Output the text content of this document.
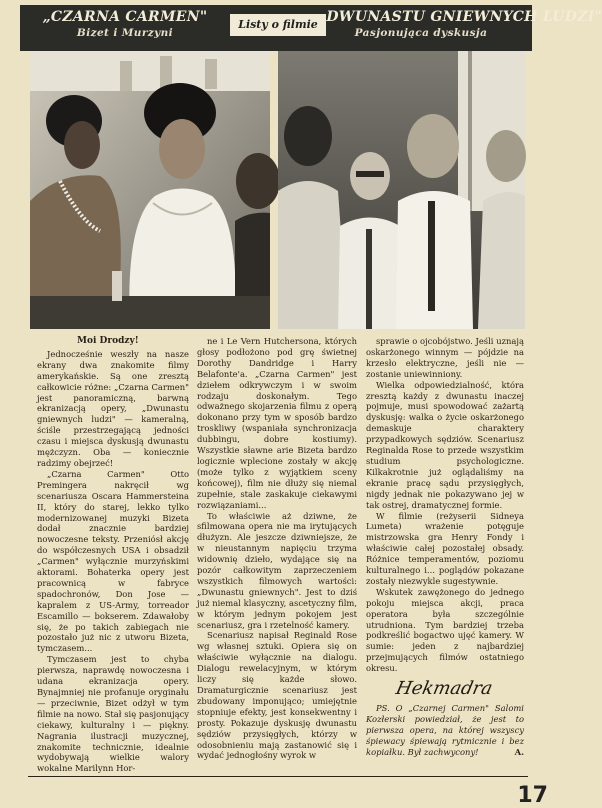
„CZARNA CARMEN"
Bizet i Murzyni
Listy o filmie „DWUNASTU GNIEWNYCH LUDZI"
Pasjonująca dyskusja

Moi Drodzy!

Jednocześnie weszły na nasze ekrany dwa znakomite filmy amerykańskie. Są one zresztą całkowicie różne: „Czarna Carmen" jest panoramiczną, barwną ekranizacją opery, „Dwunastu gniewnych ludzi" — kameralną, ściśle przestrzegającą jedności czasu i miejsca dyskusją dwunastu mężczyzn. Oba — koniecznie radzimy obejrzeć!

„Czarna Carmen" Otto Premingera nakręcił wg scenariusza Oscara Hammersteina II, który do starej, lekko tylko modernizowanej muzyki Bizeta dodał znacznie bardziej nowoczesne teksty. Przeniósł akcję do współczesnych USA i obsadził „Carmen" wyłącznie murzyńskimi aktorami. Bohaterka opery jest pracownicą w fabryce spadochronów, Don Jose — kapralem z US-Army, torreador Escamillo — bokserem. Zdawałoby się, że po takich zabiegach nie pozostało już nic z utworu Bizeta, tymczasem...

Tymczasem jest to chyba pierwsza, naprawdę nowoczesna i udana ekranizacja opery. Bynajmniej nie profanuje oryginału — przeciwnie, Bizet odżył w tym filmie na nowo. Stał się pasjonujący ciekawy, kulturalny i — piękny. Nagrania ilustracji muzycznej, znakomite technicznie, idealnie wydobywają wielkie walory wokalne Marilynn Hor-

ne i Le Vern Hutchersona, których głosy podłożono pod grę świetnej Dorothy Dandridge i Harry Belafonte'a. „Czarna Carmen" jest dziełem odkrywczym i w swoim rodzaju doskonałym. Tego odważnego skojarzenia filmu z operą dokonano przy tym w sposób bardzo troskliwy (wspaniała synchronizacja dubbingu, dobre kostiumy). Wszystkie sławne arie Bizeta bardzo logicznie wplecione zostały w akcję (może tylko z wyjątkiem sceny końcowej), film nie dłuży się niemal zupełnie, stale zaskakuje ciekawymi rozwiązaniami...

To właściwie aż dziwne, że sfilmowana opera nie ma irytujących dłużyzn. Ale jeszcze dziwniejsze, że w nieustannym napięciu trzyma widownię dzieło, wydające się na pozór całkowitym zaprzeczeniem wszystkich filmowych wartości: „Dwunastu gniewnych". Jest to dziś już niemal klasyczny, ascetyczny film, w którym jednym pokojem jest scenariusz, gra i rzetelność kamery.

Scenariusz napisał Reginald Rose wg własnej sztuki. Opiera się on właściwie wyłącznie na dialogu. Dialogu rewelacyjnym, w którym liczy się każde słowo. Dramaturgicznie scenariusz jest zbudowany imponująco; umiejętnie stopniuje efekty, jest konsekwentny i prosty. Pokazuje dyskusję dwunastu sędziów przysięgłych, którzy w odosobnieniu mają zastanowić się i wydać jednogłośny wyrok w

sprawie o ojcobójstwo. Jeśli uznają oskarżonego winnym — pójdzie na krzesło elektryczne, jeśli nie — zostanie uniewinniony.

Wielka odpowiedzialność, która zresztą każdy z dwunastu inaczej pojmuje, musi spowodować zażartą dyskusję: walka o życie oskarżonego demaskuje charaktery przypadkowych sędziów. Scenariusz Reginalda Rose to przede wszystkim studium psychologiczne. Kilkakrotnie już oglądaliśmy na ekranie pracę sądu przysięgłych, nigdy jednak nie pokazywano jej w tak ostrej, dramatycznej formie.

W filmie (reżyserii Sidneya Lumeta) wrażenie potęguje mistrzowska gra Henry Fondy i właściwie całej pozostałej obsady. Różnice temperamentów, poziomu kulturalnego i... poglądów pokazane zostały niezwykle sugestywnie.

Wskutek zawężonego do jednego pokoju miejsca akcji, praca operatora była szczególnie utrudniona. Tym bardziej trzeba podkreślić bogactwo ujęć kamery. W sumie: jeden z najbardziej przejmujących filmów ostatniego okresu.

Hekmadra

PS. O „Czarnej Carmen" Salomi Kozłerski powiedział, że jest to pierwsza opera, na której wszyscy śpiewacy śpiewają rytmicznie i bez kopiałku. Był zachwycony!	A.

17
